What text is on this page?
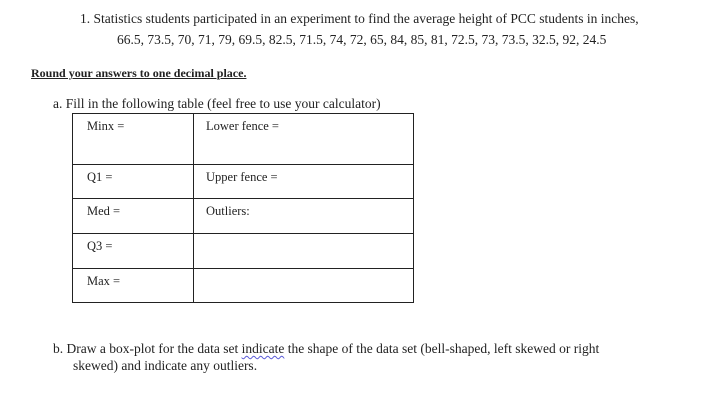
1. Statistics students participated in an experiment to find the average height of PCC students in inches,
66.5, 73.5, 70, 71, 79, 69.5, 82.5, 71.5, 74, 72, 65, 84, 85, 81, 72.5, 73, 73.5, 32.5, 92, 24.5
Round your answers to one decimal place.
a. Fill in the following table (feel free to use your calculator)
Minx =	Lower fence =
Q1 =	Upper fence =
Med =	Outliers:
Q3 =	
Max =	
b. Draw a box-plot for the data set indicate the shape of the data set (bell-shaped, left skewed or right
skewed) and indicate any outliers.
